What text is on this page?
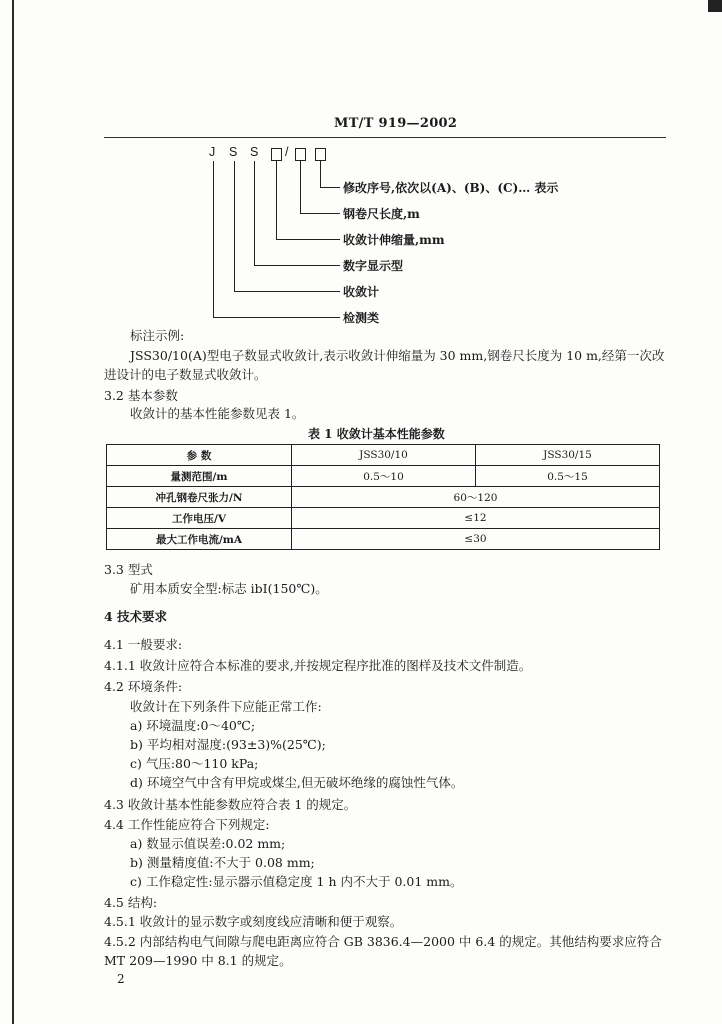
MT/T 919—2002
J S S /
修改序号,依次以(A)、(B)、(C)… 表示
钢卷尺长度,m
收敛计伸缩量,mm
数字显示型
收敛计
检测类
标注示例:
JSS30/10(A)型电子数显式收敛计,表示收敛计伸缩量为 30 mm,钢卷尺长度为 10 m,经第一次改
进设计的电子数显式收敛计。
3.2 基本参数
收敛计的基本性能参数见表 1。
表 1 收敛计基本性能参数
参 数	JSS30/10	JSS30/15
量测范围/m	0.5～10	0.5～15
冲孔钢卷尺张力/N	60～120	
工作电压/V	≤12	
最大工作电流/mA	≤30	
3.3 型式
矿用本质安全型:标志 ibI(150℃)。
4 技术要求
4.1 一般要求:
4.1.1 收敛计应符合本标准的要求,并按规定程序批准的图样及技术文件制造。
4.2 环境条件:
收敛计在下列条件下应能正常工作:
a) 环境温度:0～40℃;
b) 平均相对湿度:(93±3)%(25℃);
c) 气压:80～110 kPa;
d) 环境空气中含有甲烷或煤尘,但无破坏绝缘的腐蚀性气体。
4.3 收敛计基本性能参数应符合表 1 的规定。
4.4 工作性能应符合下列规定:
a) 数显示值误差:0.02 mm;
b) 测量精度值:不大于 0.08 mm;
c) 工作稳定性:显示器示值稳定度 1 h 内不大于 0.01 mm。
4.5 结构:
4.5.1 收敛计的显示数字或刻度线应清晰和便于观察。
4.5.2 内部结构电气间隙与爬电距离应符合 GB 3836.4—2000 中 6.4 的规定。其他结构要求应符合
MT 209—1990 中 8.1 的规定。
2
